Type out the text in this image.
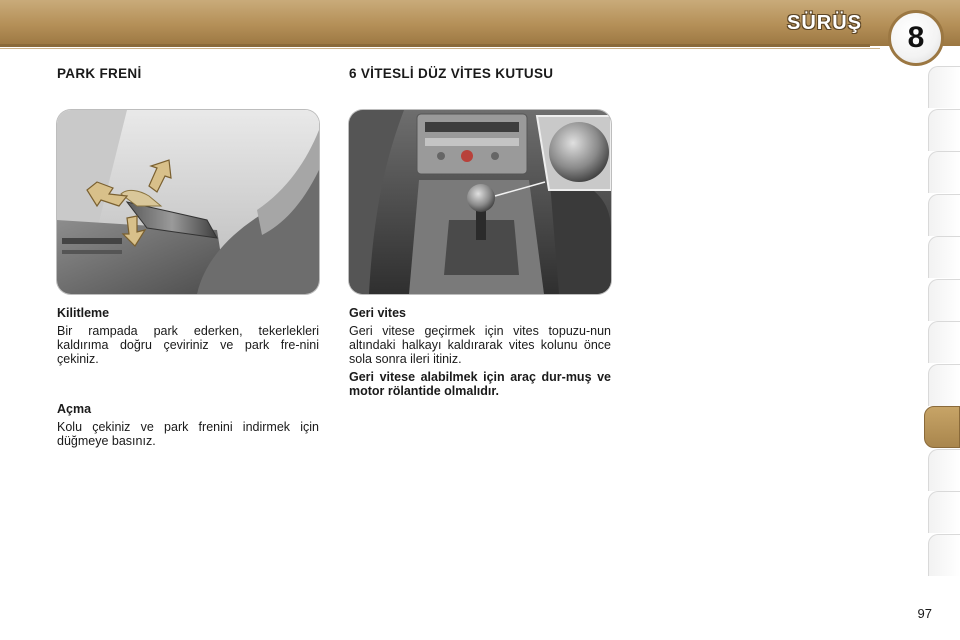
SÜRÜŞ	8
PARK FRENİ
Kilitleme

Bir rampada park ederken, tekerlekleri kaldırıma doğru çeviriniz ve park fre-nini çekiniz.

Açma

Kolu çekiniz ve park frenini indirmek için düğmeye basınız.

6 VİTESLİ DÜZ VİTES KUTUSU
Geri vites

Geri vitese geçirmek için vites topuzu-nun altındaki halkayı kaldırarak vites kolunu önce sola sonra ileri itiniz.

Geri vitese alabilmek için araç dur-muş ve motor rölantide olmalıdır.

97
